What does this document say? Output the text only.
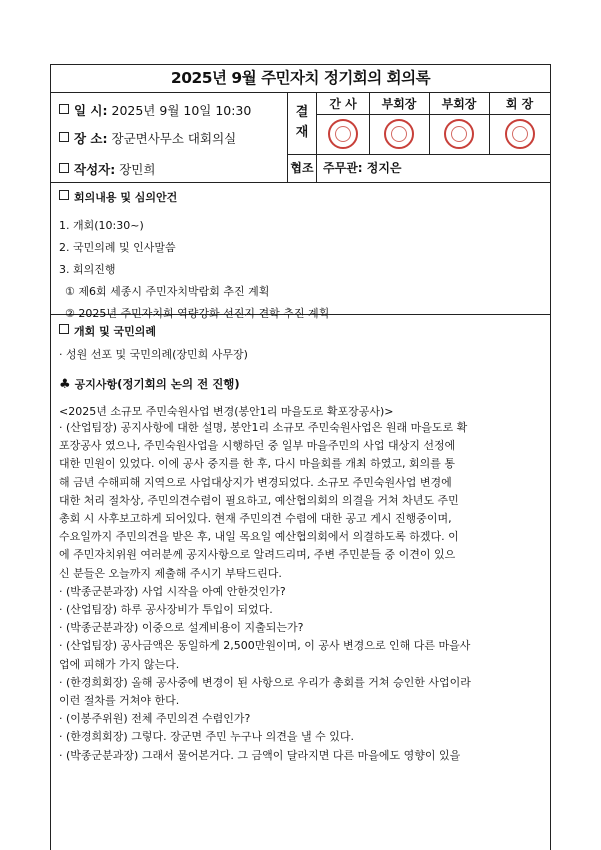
2025년 9월 주민자치 정기회의 회의록
일 시: 2025년 9월 10일 10:30
장 소: 장군면사무소 대회의실
작성자: 장민희
결
재
간 사	부회장	부회장	회 장
협조 주무관: 정지은
회의내용 및 심의안건
1. 개회(10:30~)
2. 국민의례 및 인사말씀
3. 회의진행
① 제6회 세종시 주민자치박람회 추진 계획
② 2025년 주민자치회 역량강화 선진지 견학 추진 계획
개회 및 국민의례
· 성원 선포 및 국민의례(장민희 사무장)
♣ 공지사항(정기회의 논의 전 진행)
<2025년 소규모 주민숙원사업 변경(봉안1리 마을도로 확포장공사)>
· (산업팀장) 공지사항에 대한 설명, 봉안1리 소규모 주민숙원사업은 원래 마을도로 확
포장공사 였으나, 주민숙원사업을 시행하던 중 일부 마을주민의 사업 대상지 선정에
대한 민원이 있었다. 이에 공사 중지를 한 후, 다시 마을회를 개최 하였고, 회의를 통
해 금년 수해피해 지역으로 사업대상지가 변경되었다. 소규모 주민숙원사업 변경에
대한 처리 절차상, 주민의견수렴이 필요하고, 예산협의회의 의결을 거쳐 차년도 주민
총회 시 사후보고하게 되어있다. 현재 주민의견 수렴에 대한 공고 게시 진행중이며,
수요일까지 주민의견을 받은 후, 내일 목요일 예산협의회에서 의결하도록 하겠다. 이
에 주민자치위원 여러분께 공지사항으로 알려드리며, 주변 주민분들 중 이견이 있으
신 분들은 오늘까지 제출해 주시기 부탁드린다.
· (박종군분과장) 사업 시작을 아예 안한것인가?
· (산업팀장) 하루 공사장비가 투입이 되었다.
· (박종군분과장) 이중으로 설계비용이 지출되는가?
· (산업팀장) 공사금액은 동일하게 2,500만원이며, 이 공사 변경으로 인해 다른 마을사
업에 피해가 가지 않는다.
· (한경희회장) 올해 공사중에 변경이 된 사항으로 우리가 총회를 거쳐 승인한 사업이라
이런 절차를 거쳐야 한다.
· (이봉주위원) 전체 주민의견 수렴인가?
· (한경희회장) 그렇다. 장군면 주민 누구나 의견을 낼 수 있다.
· (박종군분과장) 그래서 물어본거다. 그 금액이 달라지면 다른 마을에도 영향이 있을
